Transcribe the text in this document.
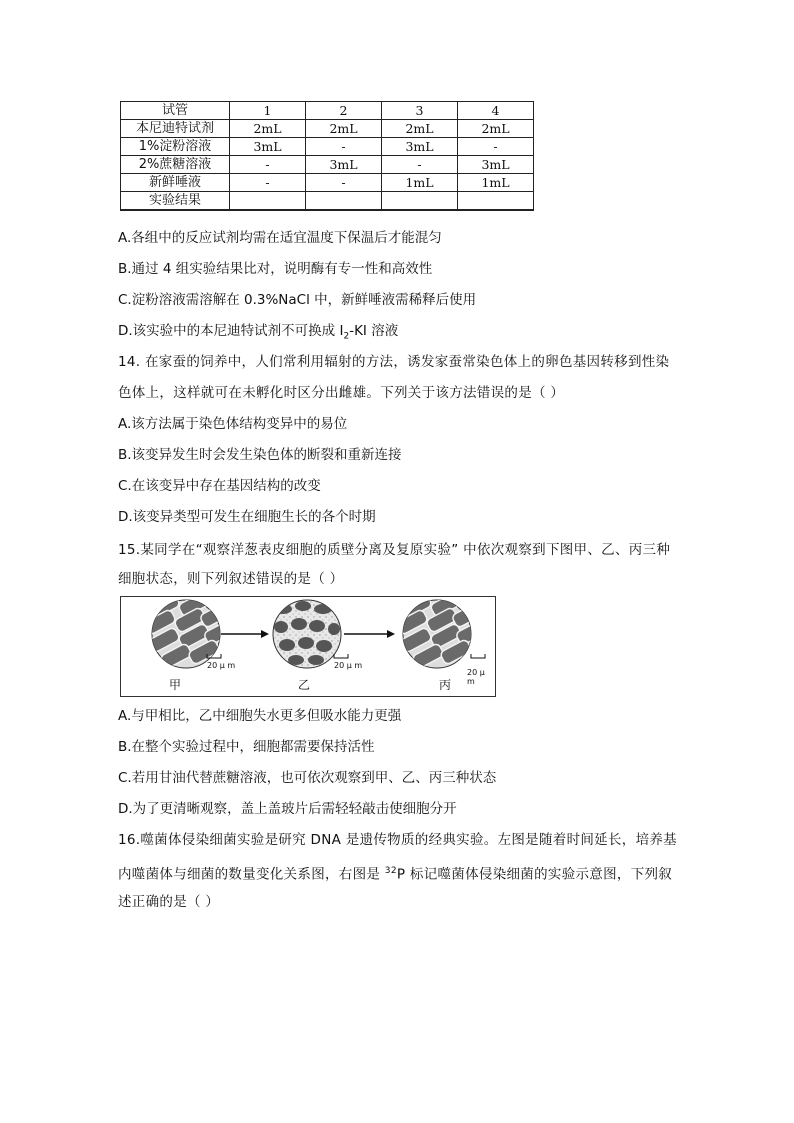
试管	1	2	3	4
本尼迪特试剂	2mL	2mL	2mL	2mL
1%淀粉溶液	3mL	-	3mL	-
2%蔗糖溶液	-	3mL	-	3mL
新鲜唾液	-	-	1mL	1mL
实验结果				
A.各组中的反应试剂均需在适宜温度下保温后才能混匀
B.通过 4 组实验结果比对，说明酶有专一性和高效性
C.淀粉溶液需溶解在 0.3%NaCl 中，新鲜唾液需稀释后使用
D.该实验中的本尼迪特试剂不可换成 $I_2-KI$ 溶液
14. 在家蚕的饲养中，人们常利用辐射的方法，诱发家蚕常染色体上的卵色基因转移到性染
色体上，这样就可在未孵化时区分出雌雄。下列关于该方法错误的是（ ）
A.该方法属于染色体结构变异中的易位
B.该变异发生时会发生染色体的断裂和重新连接
C.在该变异中存在基因结构的改变
D.该变异类型可发生在细胞生长的各个时期
15.某同学在“观察洋葱表皮细胞的质壁分离及复原实验” 中依次观察到下图甲、乙、丙三种
细胞状态，则下列叙述错误的是（ ）
20 μ m	20 μ m
20 μ m
甲	乙	丙
A.与甲相比，乙中细胞失水更多但吸水能力更强
B.在整个实验过程中，细胞都需要保持活性
C.若用甘油代替蔗糖溶液，也可依次观察到甲、乙、丙三种状态
D.为了更清晰观察，盖上盖玻片后需轻轻敲击使细胞分开
16.噬菌体侵染细菌实验是研究 DNA 是遗传物质的经典实验。左图是随着时间延长，培养基
内噬菌体与细菌的数量变化关系图，右图是 $^{32}$P 标记噬菌体侵染细菌的实验示意图，下列叙
述正确的是（ ）
